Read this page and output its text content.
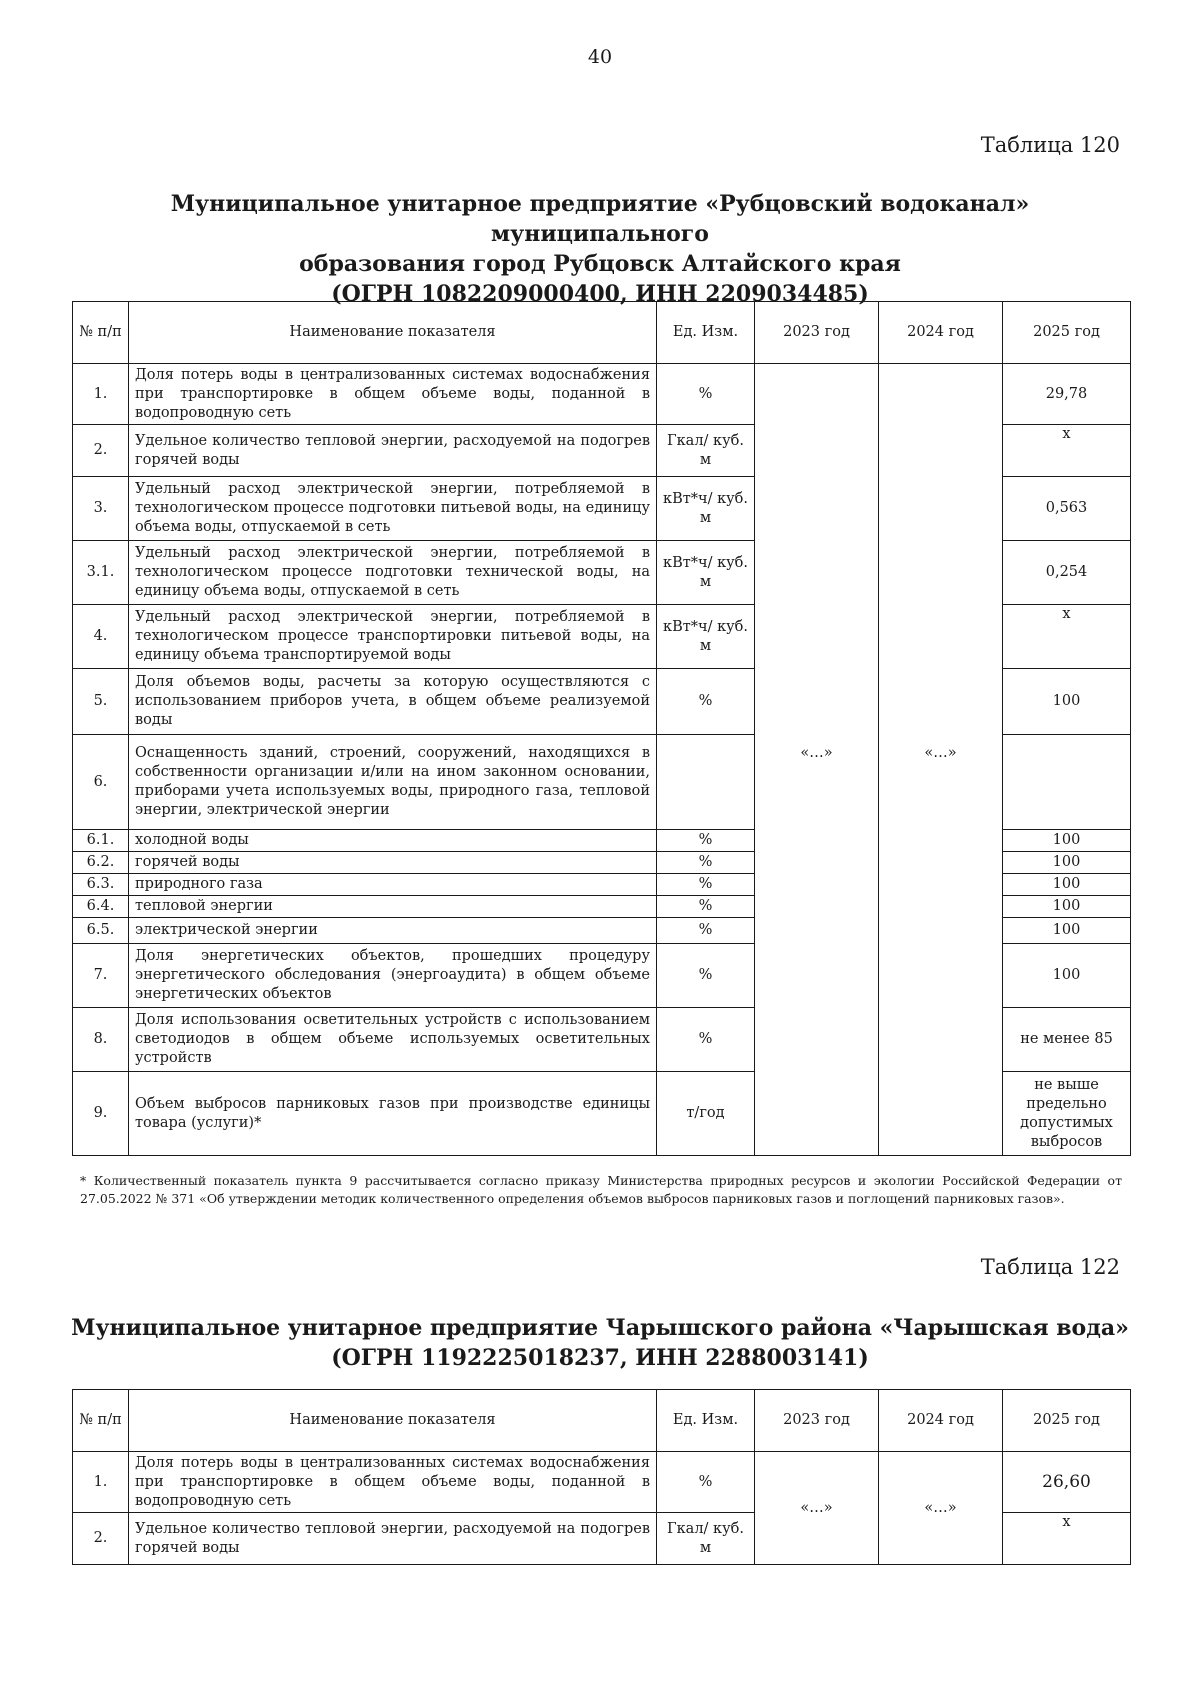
40
Таблица 120
Муниципальное унитарное предприятие «Рубцовский водоканал» муниципального
образования город Рубцовск Алтайского края
(ОГРН 1082209000400, ИНН 2209034485)
№ п/п	Наименование показателя	Ед. Изм.	2023 год	2024 год	2025 год
1.	Доля потерь воды в централизованных системах водоснабжения при транспортировке в общем объеме воды, поданной в водопроводную сеть	%	«…»	«…»	29,78
2.	Удельное количество тепловой энергии, расходуемой на подогрев горячей воды	Гкал/ куб. м			х
3.	Удельный расход электрической энергии, потребляемой в технологическом процессе подготовки питьевой воды, на единицу объема воды, отпускаемой в сеть	кВт*ч/ куб. м			0,563
3.1.	Удельный расход электрической энергии, потребляемой в технологическом процессе подготовки технической воды, на единицу объема воды, отпускаемой в сеть	кВт*ч/ куб. м			0,254
4.	Удельный расход электрической энергии, потребляемой в технологическом процессе транспортировки питьевой воды, на единицу объема транспортируемой воды	кВт*ч/ куб. м			х
5.	Доля объемов воды, расчеты за которую осуществляются с использованием приборов учета, в общем объеме реализуемой воды	%			100
6.	Оснащенность зданий, строений, сооружений, находящихся в собственности организации и/или на ином законном основании, приборами учета используемых воды, природного газа, тепловой энергии, электрической энергии				
6.1.	холодной воды	%			100
6.2.	горячей воды	%			100
6.3.	природного газа	%			100
6.4.	тепловой энергии	%			100
6.5.	электрической энергии	%			100
7.	Доля энергетических объектов, прошедших процедуру энергетического обследования (энергоаудита) в общем объеме энергетических объектов	%			100
8.	Доля использования осветительных устройств с использованием светодиодов в общем объеме используемых осветительных устройств	%			не менее 85
9.	Объем выбросов парниковых газов при производстве единицы товара (услуги)*	т/год			не выше предельно допустимых выбросов
* Количественный показатель пункта 9 рассчитывается согласно приказу Министерства природных ресурсов и экологии Российской Федерации от 27.05.2022 № 371 «Об утверждении методик количественного определения объемов выбросов парниковых газов и поглощений парниковых газов».
Таблица 122
Муниципальное унитарное предприятие Чарышского района «Чарышская вода»
(ОГРН 1192225018237, ИНН 2288003141)
№ п/п	Наименование показателя	Ед. Изм.	2023 год	2024 год	2025 год
1.	Доля потерь воды в централизованных системах водоснабжения при транспортировке в общем объеме воды, поданной в водопроводную сеть	%	«…»	«…»	26,60
2.	Удельное количество тепловой энергии, расходуемой на подогрев горячей воды	Гкал/ куб. м			х
